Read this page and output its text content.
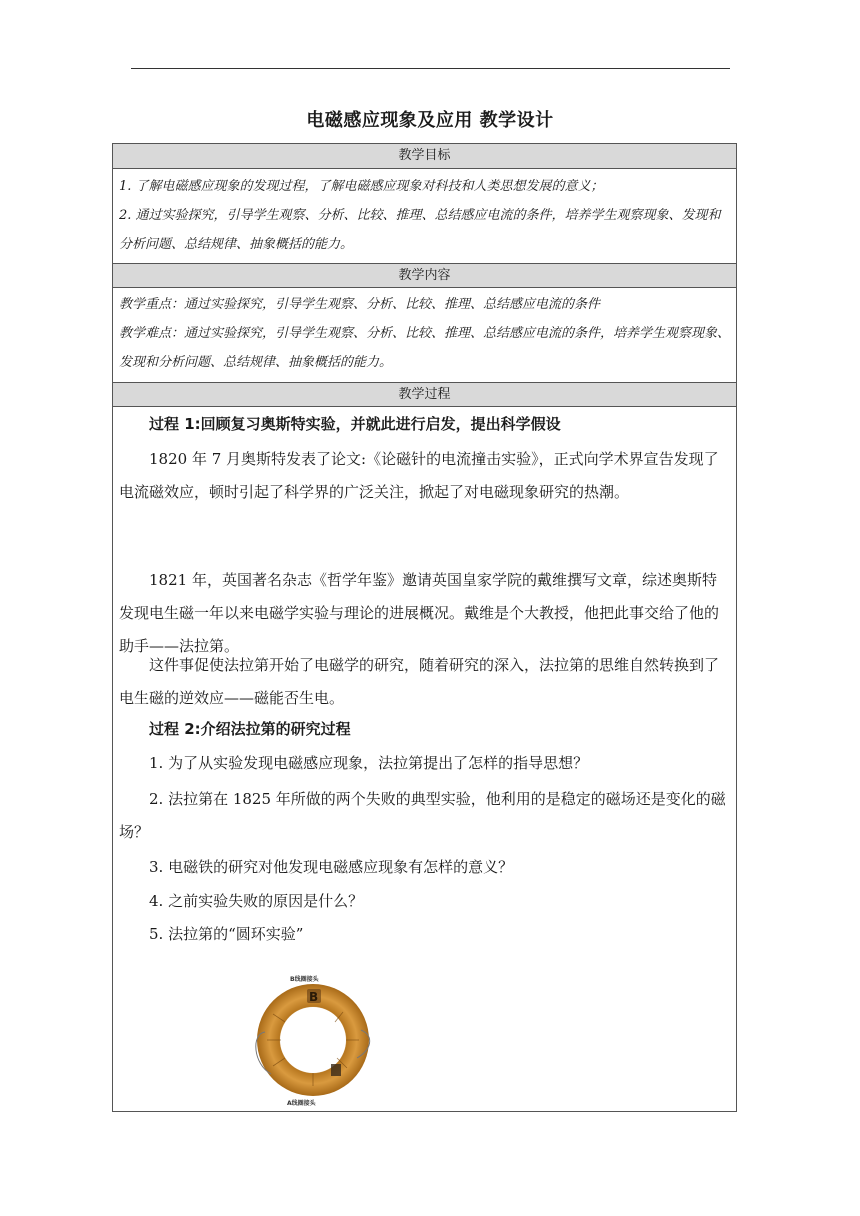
电磁感应现象及应用 教学设计
教学目标
1. 了解电磁感应现象的发现过程，了解电磁感应现象对科技和人类思想发展的意义；
2. 通过实验探究，引导学生观察、分析、比较、推理、总结感应电流的条件，培养学生观察现象、发现和分析问题、总结规律、抽象概括的能力。
教学内容
教学重点：通过实验探究，引导学生观察、分析、比较、推理、总结感应电流的条件
教学难点：通过实验探究，引导学生观察、分析、比较、推理、总结感应电流的条件，培养学生观察现象、发现和分析问题、总结规律、抽象概括的能力。
教学过程
过程 1:回顾复习奥斯特实验，并就此进行启发，提出科学假设
1820 年 7 月奥斯特发表了论文:《论磁针的电流撞击实验》，正式向学术界宣告发现了电流磁效应，顿时引起了科学界的广泛关注，掀起了对电磁现象研究的热潮。
1821 年，英国著名杂志《哲学年鉴》邀请英国皇家学院的戴维撰写文章，综述奥斯特发现电生磁一年以来电磁学实验与理论的进展概况。戴维是个大教授，他把此事交给了他的助手——法拉第。
这件事促使法拉第开始了电磁学的研究，随着研究的深入，法拉第的思维自然转换到了电生磁的逆效应——磁能否生电。
过程 2:介绍法拉第的研究过程
1. 为了从实验发现电磁感应现象，法拉第提出了怎样的指导思想？
2. 法拉第在 1825 年所做的两个失败的典型实验，他利用的是稳定的磁场还是变化的磁场？
3. 电磁铁的研究对他发现电磁感应现象有怎样的意义？
4. 之前实验失败的原因是什么？
5. 法拉第的“圆环实验”
B线圈接头
B
A线圈接头
